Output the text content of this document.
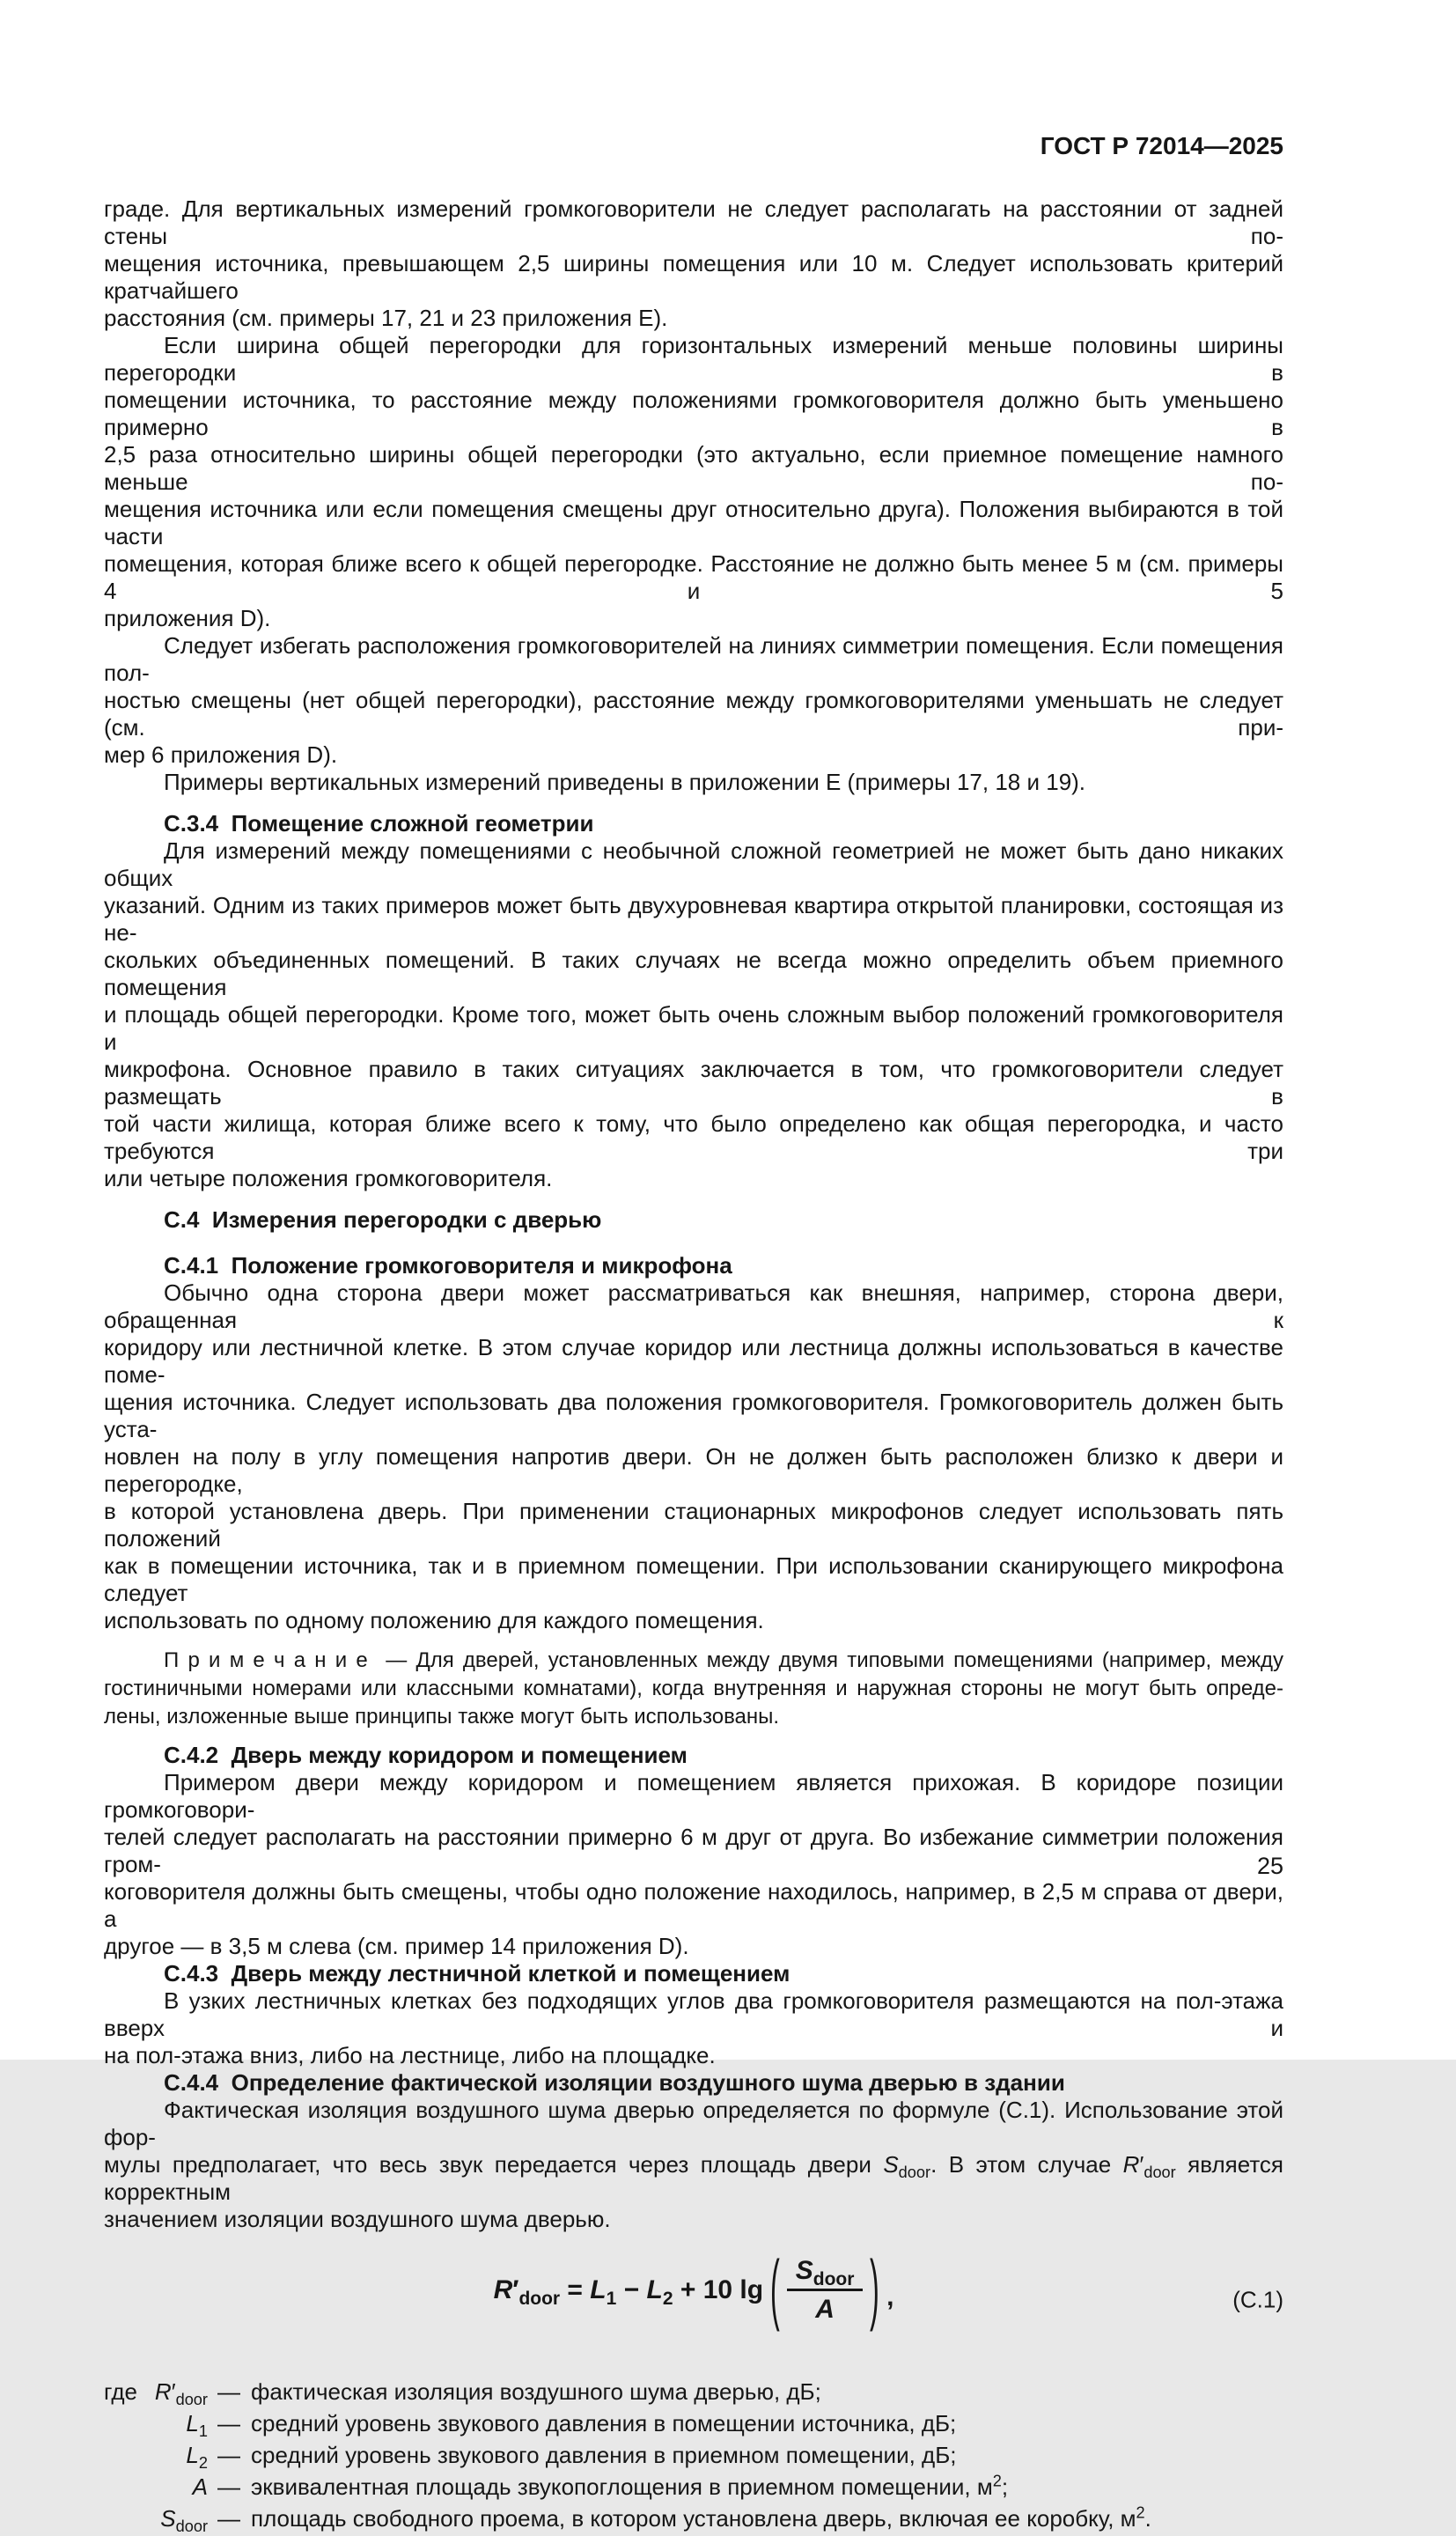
ГОСТ Р 72014—2025
граде. Для вертикальных измерений громкоговорители не следует располагать на расстоянии от задней стены по-
мещения источника, превышающем 2,5 ширины помещения или 10 м. Следует использовать критерий кратчайшего
расстояния (см. примеры 17, 21 и 23 приложения E).
Если ширина общей перегородки для горизонтальных измерений меньше половины ширины перегородки в
помещении источника, то расстояние между положениями громкоговорителя должно быть уменьшено примерно в
2,5 раза относительно ширины общей перегородки (это актуально, если приемное помещение намного меньше по-
мещения источника или если помещения смещены друг относительно друга). Положения выбираются в той части
помещения, которая ближе всего к общей перегородке. Расстояние не должно быть менее 5 м (см. примеры 4 и 5
приложения D).
Следует избегать расположения громкоговорителей на линиях симметрии помещения. Если помещения пол-
ностью смещены (нет общей перегородки), расстояние между громкоговорителями уменьшать не следует (см. при-
мер 6 приложения D).
Примеры вертикальных измерений приведены в приложении E (примеры 17, 18 и 19).
C.3.4  Помещение сложной геометрии
Для измерений между помещениями с необычной сложной геометрией не может быть дано никаких общих
указаний. Одним из таких примеров может быть двухуровневая квартира открытой планировки, состоящая из не-
скольких объединенных помещений. В таких случаях не всегда можно определить объем приемного помещения
и площадь общей перегородки. Кроме того, может быть очень сложным выбор положений громкоговорителя и
микрофона. Основное правило в таких ситуациях заключается в том, что громкоговорители следует размещать в
той части жилища, которая ближе всего к тому, что было определено как общая перегородка, и часто требуются три
или четыре положения громкоговорителя.
C.4  Измерения перегородки с дверью
C.4.1  Положение громкоговорителя и микрофона
Обычно одна сторона двери может рассматриваться как внешняя, например, сторона двери, обращенная к
коридору или лестничной клетке. В этом случае коридор или лестница должны использоваться в качестве поме-
щения источника. Следует использовать два положения громкоговорителя. Громкоговоритель должен быть уста-
новлен на полу в углу помещения напротив двери. Он не должен быть расположен близко к двери и перегородке,
в которой установлена дверь. При применении стационарных микрофонов следует использовать пять положений
как в помещении источника, так и в приемном помещении. При использовании сканирующего микрофона следует
использовать по одному положению для каждого помещения.
П р и м е ч а н и е  — Для дверей, установленных между двумя типовыми помещениями (например, между
гостиничными номерами или классными комнатами), когда внутренняя и наружная стороны не могут быть опреде-
лены, изложенные выше принципы также могут быть использованы.
C.4.2  Дверь между коридором и помещением
Примером двери между коридором и помещением является прихожая. В коридоре позиции громкоговори-
телей следует располагать на расстоянии примерно 6 м друг от друга. Во избежание симметрии положения гром-
коговорителя должны быть смещены, чтобы одно положение находилось, например, в 2,5 м справа от двери, а
другое — в 3,5 м слева (см. пример 14 приложения D).
C.4.3  Дверь между лестничной клеткой и помещением
В узких лестничных клетках без подходящих углов два громкоговорителя размещаются на пол-этажа вверх и
на пол-этажа вниз, либо на лестнице, либо на площадке.
C.4.4  Определение фактической изоляции воздушного шума дверью в здании
Фактическая изоляция воздушного шума дверью определяется по формуле (C.1). Использование этой фор-
мулы предполагает, что весь звук передается через площадь двери $S_{door}$. В этом случае $R'_{door}$ является корректным
значением изоляции воздушного шума дверью.
$R'_{door} = L_1 - L_2 + 10$ lg ( $\frac{S_{door}}{A}$ ) ,	(C.1)
где $R'_{door}$ — фактическая изоляция воздушного шума дверью, дБ;
$L_1$ — средний уровень звукового давления в помещении источника, дБ;
$L_2$ — средний уровень звукового давления в приемном помещении, дБ;
A — эквивалентная площадь звукопоглощения в приемном помещении, $м^2$;
$S_{door}$ — площадь свободного проема, в котором установлена дверь, включая ее коробку, $м^2$.
25
